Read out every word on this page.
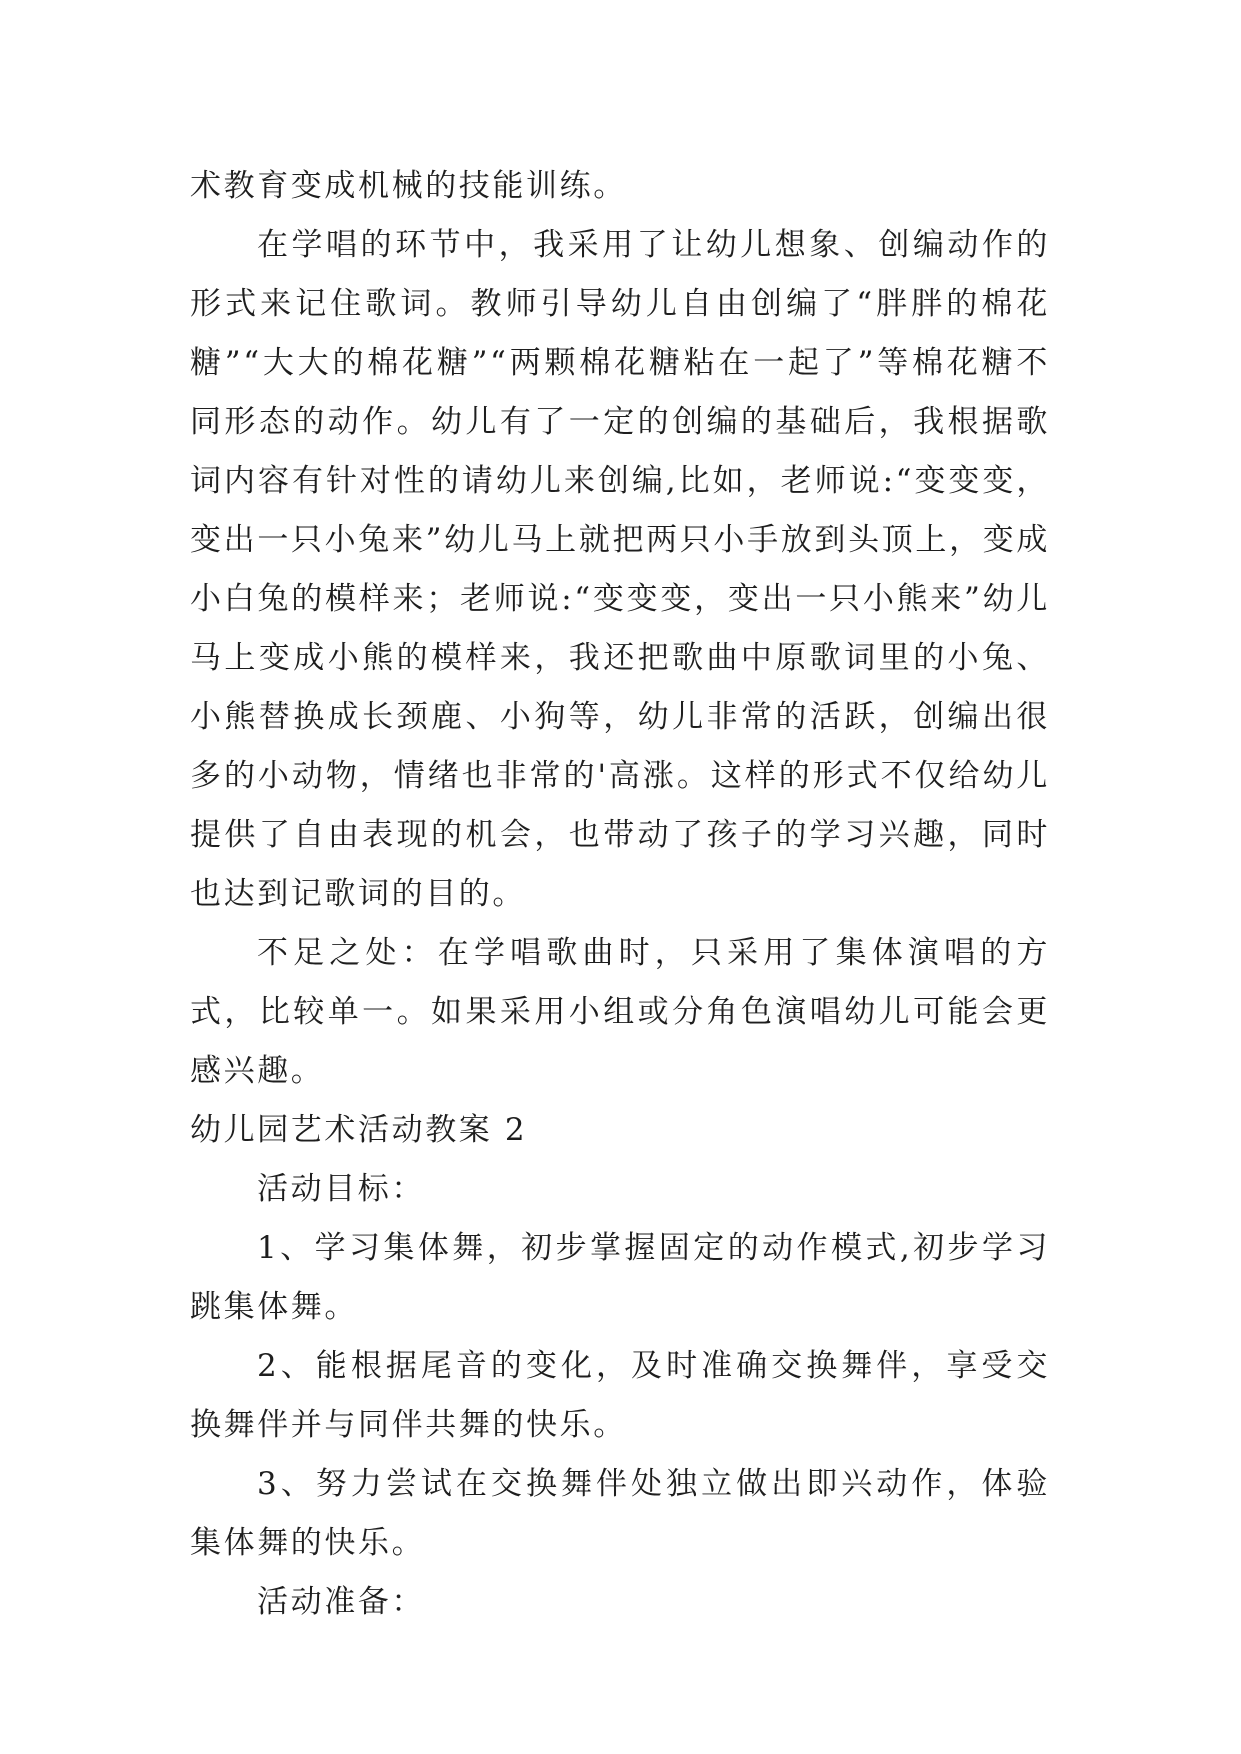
术教育变成机械的技能训练。

在学唱的环节中，我采用了让幼儿想象、创编动作的形式来记住歌词。教师引导幼儿自由创编了“胖胖的棉花糖”“大大的棉花糖”“两颗棉花糖粘在一起了”等棉花糖不同形态的动作。幼儿有了一定的创编的基础后，我根据歌词内容有针对性的请幼儿来创编,比如，老师说:“变变变，变出一只小兔来”幼儿马上就把两只小手放到头顶上，变成小白兔的模样来；老师说:“变变变，变出一只小熊来”幼儿马上变成小熊的模样来，我还把歌曲中原歌词里的小兔、小熊替换成长颈鹿、小狗等，幼儿非常的活跃，创编出很多的小动物，情绪也非常的'高涨。这样的形式不仅给幼儿提供了自由表现的机会，也带动了孩子的学习兴趣，同时也达到记歌词的目的。

不足之处：在学唱歌曲时，只采用了集体演唱的方式，比较单一。如果采用小组或分角色演唱幼儿可能会更感兴趣。

幼儿园艺术活动教案 2

活动目标：

1、学习集体舞，初步掌握固定的动作模式,初步学习跳集体舞。

2、能根据尾音的变化，及时准确交换舞伴，享受交换舞伴并与同伴共舞的快乐。

3、努力尝试在交换舞伴处独立做出即兴动作，体验集体舞的快乐。

活动准备：
